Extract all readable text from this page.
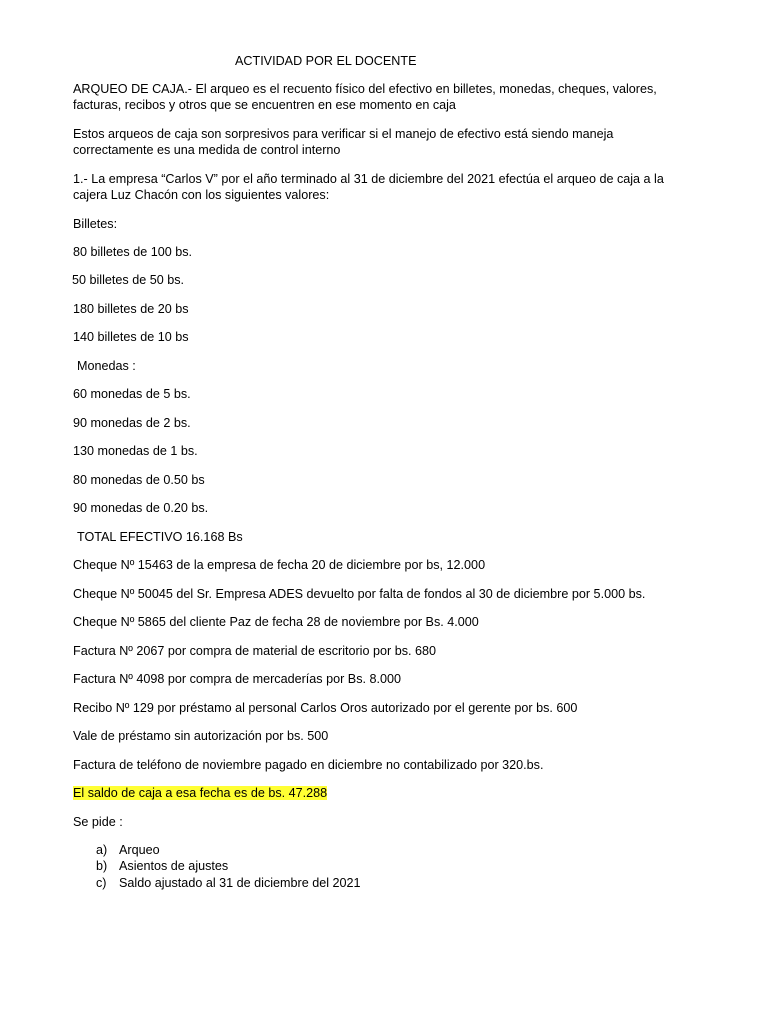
ACTIVIDAD POR EL DOCENTE
ARQUEO DE CAJA.- El arqueo es el recuento físico del efectivo en billetes, monedas, cheques, valores,
facturas, recibos y otros que se encuentren en ese momento en caja
Estos arqueos de caja son sorpresivos para verificar si el manejo de efectivo está siendo maneja
correctamente es una medida de control interno
1.- La empresa “Carlos V” por el año terminado al 31 de diciembre del 2021 efectúa el arqueo de caja a la
cajera Luz Chacón con los siguientes valores:
Billetes:
80 billetes de 100 bs.
50 billetes de 50 bs.
180 billetes de 20 bs
140 billetes de 10 bs
Monedas :
60 monedas de 5 bs.
90 monedas de 2 bs.
130 monedas de 1 bs.
80 monedas de 0.50 bs
90 monedas de 0.20 bs.
TOTAL EFECTIVO 16.168 Bs
Cheque Nº 15463 de la empresa de fecha 20 de diciembre por bs, 12.000
Cheque Nº 50045 del Sr. Empresa ADES devuelto por falta de fondos al 30 de diciembre por 5.000 bs.
Cheque Nº 5865 del cliente Paz de fecha 28 de noviembre por Bs. 4.000
Factura Nº 2067 por compra de material de escritorio por bs. 680
Factura Nº 4098 por compra de mercaderías por Bs. 8.000
Recibo Nº 129 por préstamo al personal Carlos Oros autorizado por el gerente por bs. 600
Vale de préstamo sin autorización por bs. 500
Factura de teléfono de noviembre pagado en diciembre no contabilizado por 320.bs.
El saldo de caja a esa fecha es de bs. 47.288
Se pide :
a) Arqueo
b) Asientos de ajustes
c) Saldo ajustado al 31 de diciembre del 2021
